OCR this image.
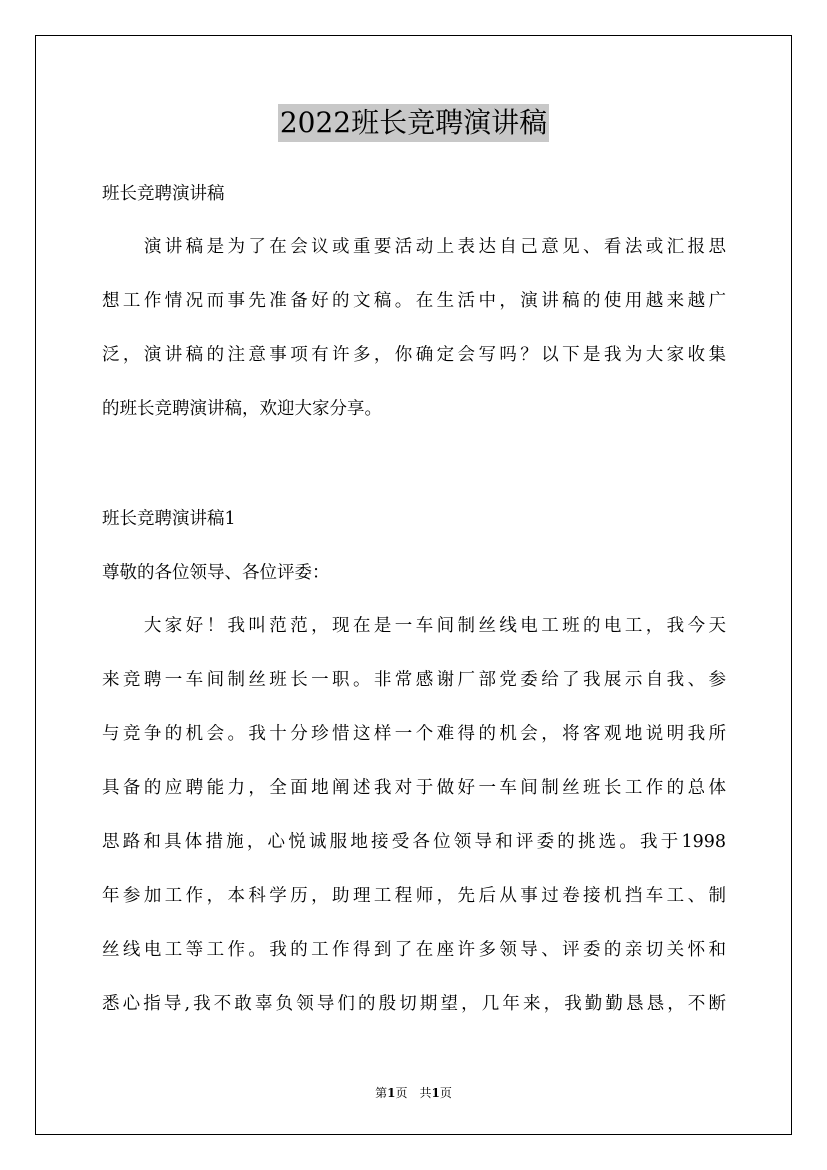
2022班长竞聘演讲稿
班长竞聘演讲稿
　　演讲稿是为了在会议或重要活动上表达自己意见、看法或汇报思
想工作情况而事先准备好的文稿。在生活中，演讲稿的使用越来越广
泛，演讲稿的注意事项有许多，你确定会写吗？以下是我为大家收集
的班长竞聘演讲稿，欢迎大家分享。
班长竞聘演讲稿1
尊敬的各位领导、各位评委：
　　大家好！我叫范范，现在是一车间制丝线电工班的电工，我今天
来竞聘一车间制丝班长一职。非常感谢厂部党委给了我展示自我、参
与竞争的机会。我十分珍惜这样一个难得的机会，将客观地说明我所
具备的应聘能力，全面地阐述我对于做好一车间制丝班长工作的总体
思路和具体措施，心悦诚服地接受各位领导和评委的挑选。我于1998
年参加工作，本科学历，助理工程师，先后从事过卷接机挡车工、制
丝线电工等工作。我的工作得到了在座许多领导、评委的亲切关怀和
悉心指导,我不敢辜负领导们的殷切期望，几年来，我勤勤恳恳，不断
第1页　共1页
